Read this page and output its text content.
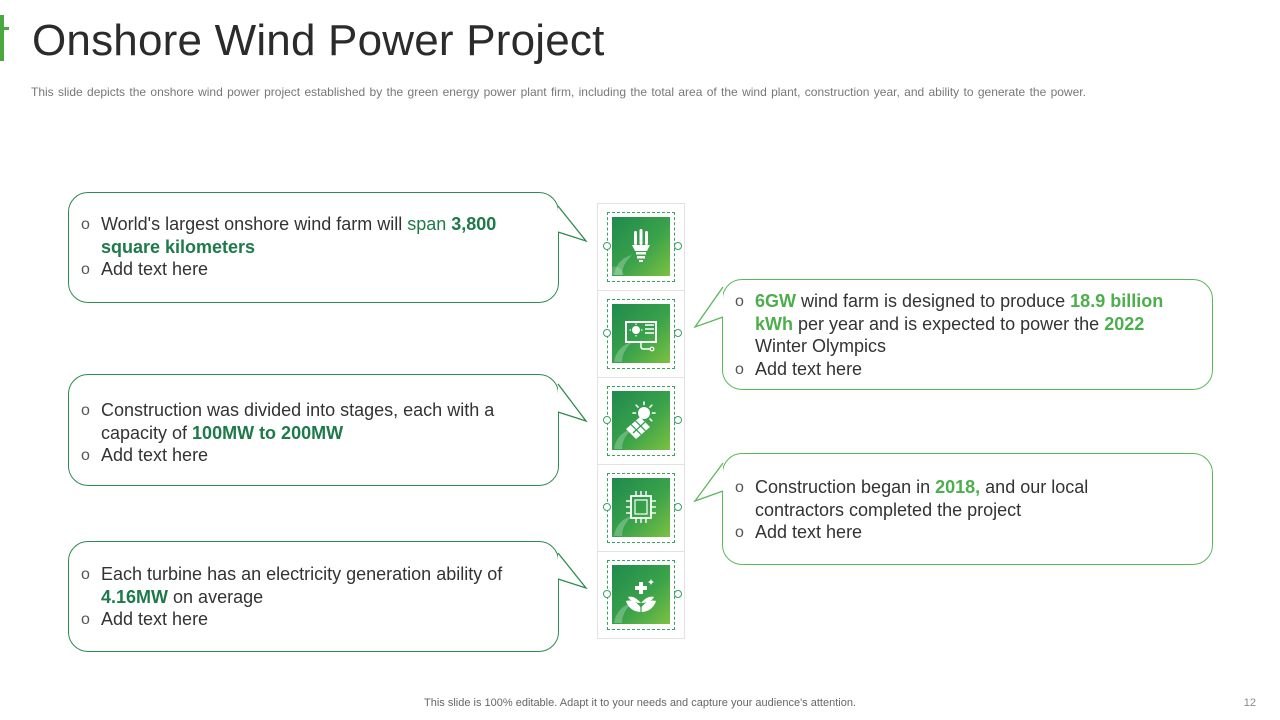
Onshore Wind Power Project
This slide depicts the onshore wind power project established by the green energy power plant firm, including the total area of the wind plant, construction year, and ability to generate the power.
o World's largest onshore wind farm will span 3,800 square kilometers
o Add text here
o Construction was divided into stages, each with a capacity of 100MW to 200MW
o Add text here
o Each turbine has an electricity generation ability of 4.16MW on average
o Add text here
o 6GW wind farm is designed to produce 18.9 billion kWh per year and is expected to power the 2022 Winter Olympics
o Add text here
o Construction began in 2018, and our local contractors completed the project
o Add text here
This slide is 100% editable. Adapt it to your needs and capture your audience's attention.	12
